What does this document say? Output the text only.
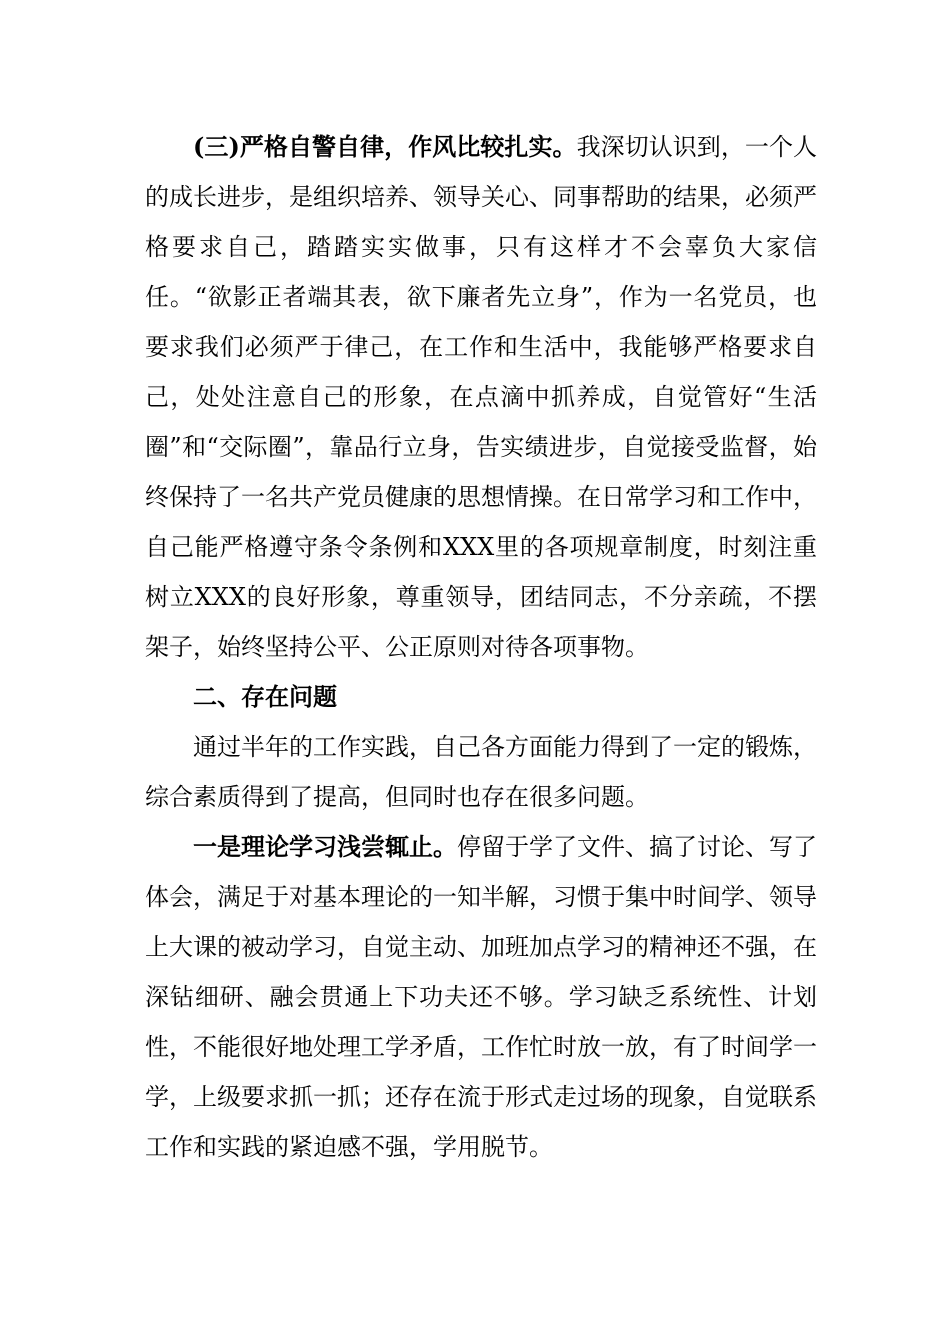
(三)严格自警自律，作风比较扎实。我深切认识到，一个人的成长进步，是组织培养、领导关心、同事帮助的结果，必须严格要求自己，踏踏实实做事，只有这样才不会辜负大家信任。“欲影正者端其表，欲下廉者先立身”，作为一名党员，也要求我们必须严于律己，在工作和生活中，我能够严格要求自己，处处注意自己的形象，在点滴中抓养成，自觉管好“生活圈”和“交际圈”，靠品行立身，告实绩进步，自觉接受监督，始终保持了一名共产党员健康的思想情操。在日常学习和工作中，自己能严格遵守条令条例和XXX里的各项规章制度，时刻注重树立XXX的良好形象，尊重领导，团结同志，不分亲疏，不摆架子，始终坚持公平、公正原则对待各项事物。

二、存在问题

通过半年的工作实践，自己各方面能力得到了一定的锻炼，综合素质得到了提高，但同时也存在很多问题。

一是理论学习浅尝辄止。停留于学了文件、搞了讨论、写了体会，满足于对基本理论的一知半解，习惯于集中时间学、领导上大课的被动学习，自觉主动、加班加点学习的精神还不强，在深钻细研、融会贯通上下功夫还不够。学习缺乏系统性、计划性，不能很好地处理工学矛盾，工作忙时放一放，有了时间学一学，上级要求抓一抓；还存在流于形式走过场的现象，自觉联系工作和实践的紧迫感不强，学用脱节。
